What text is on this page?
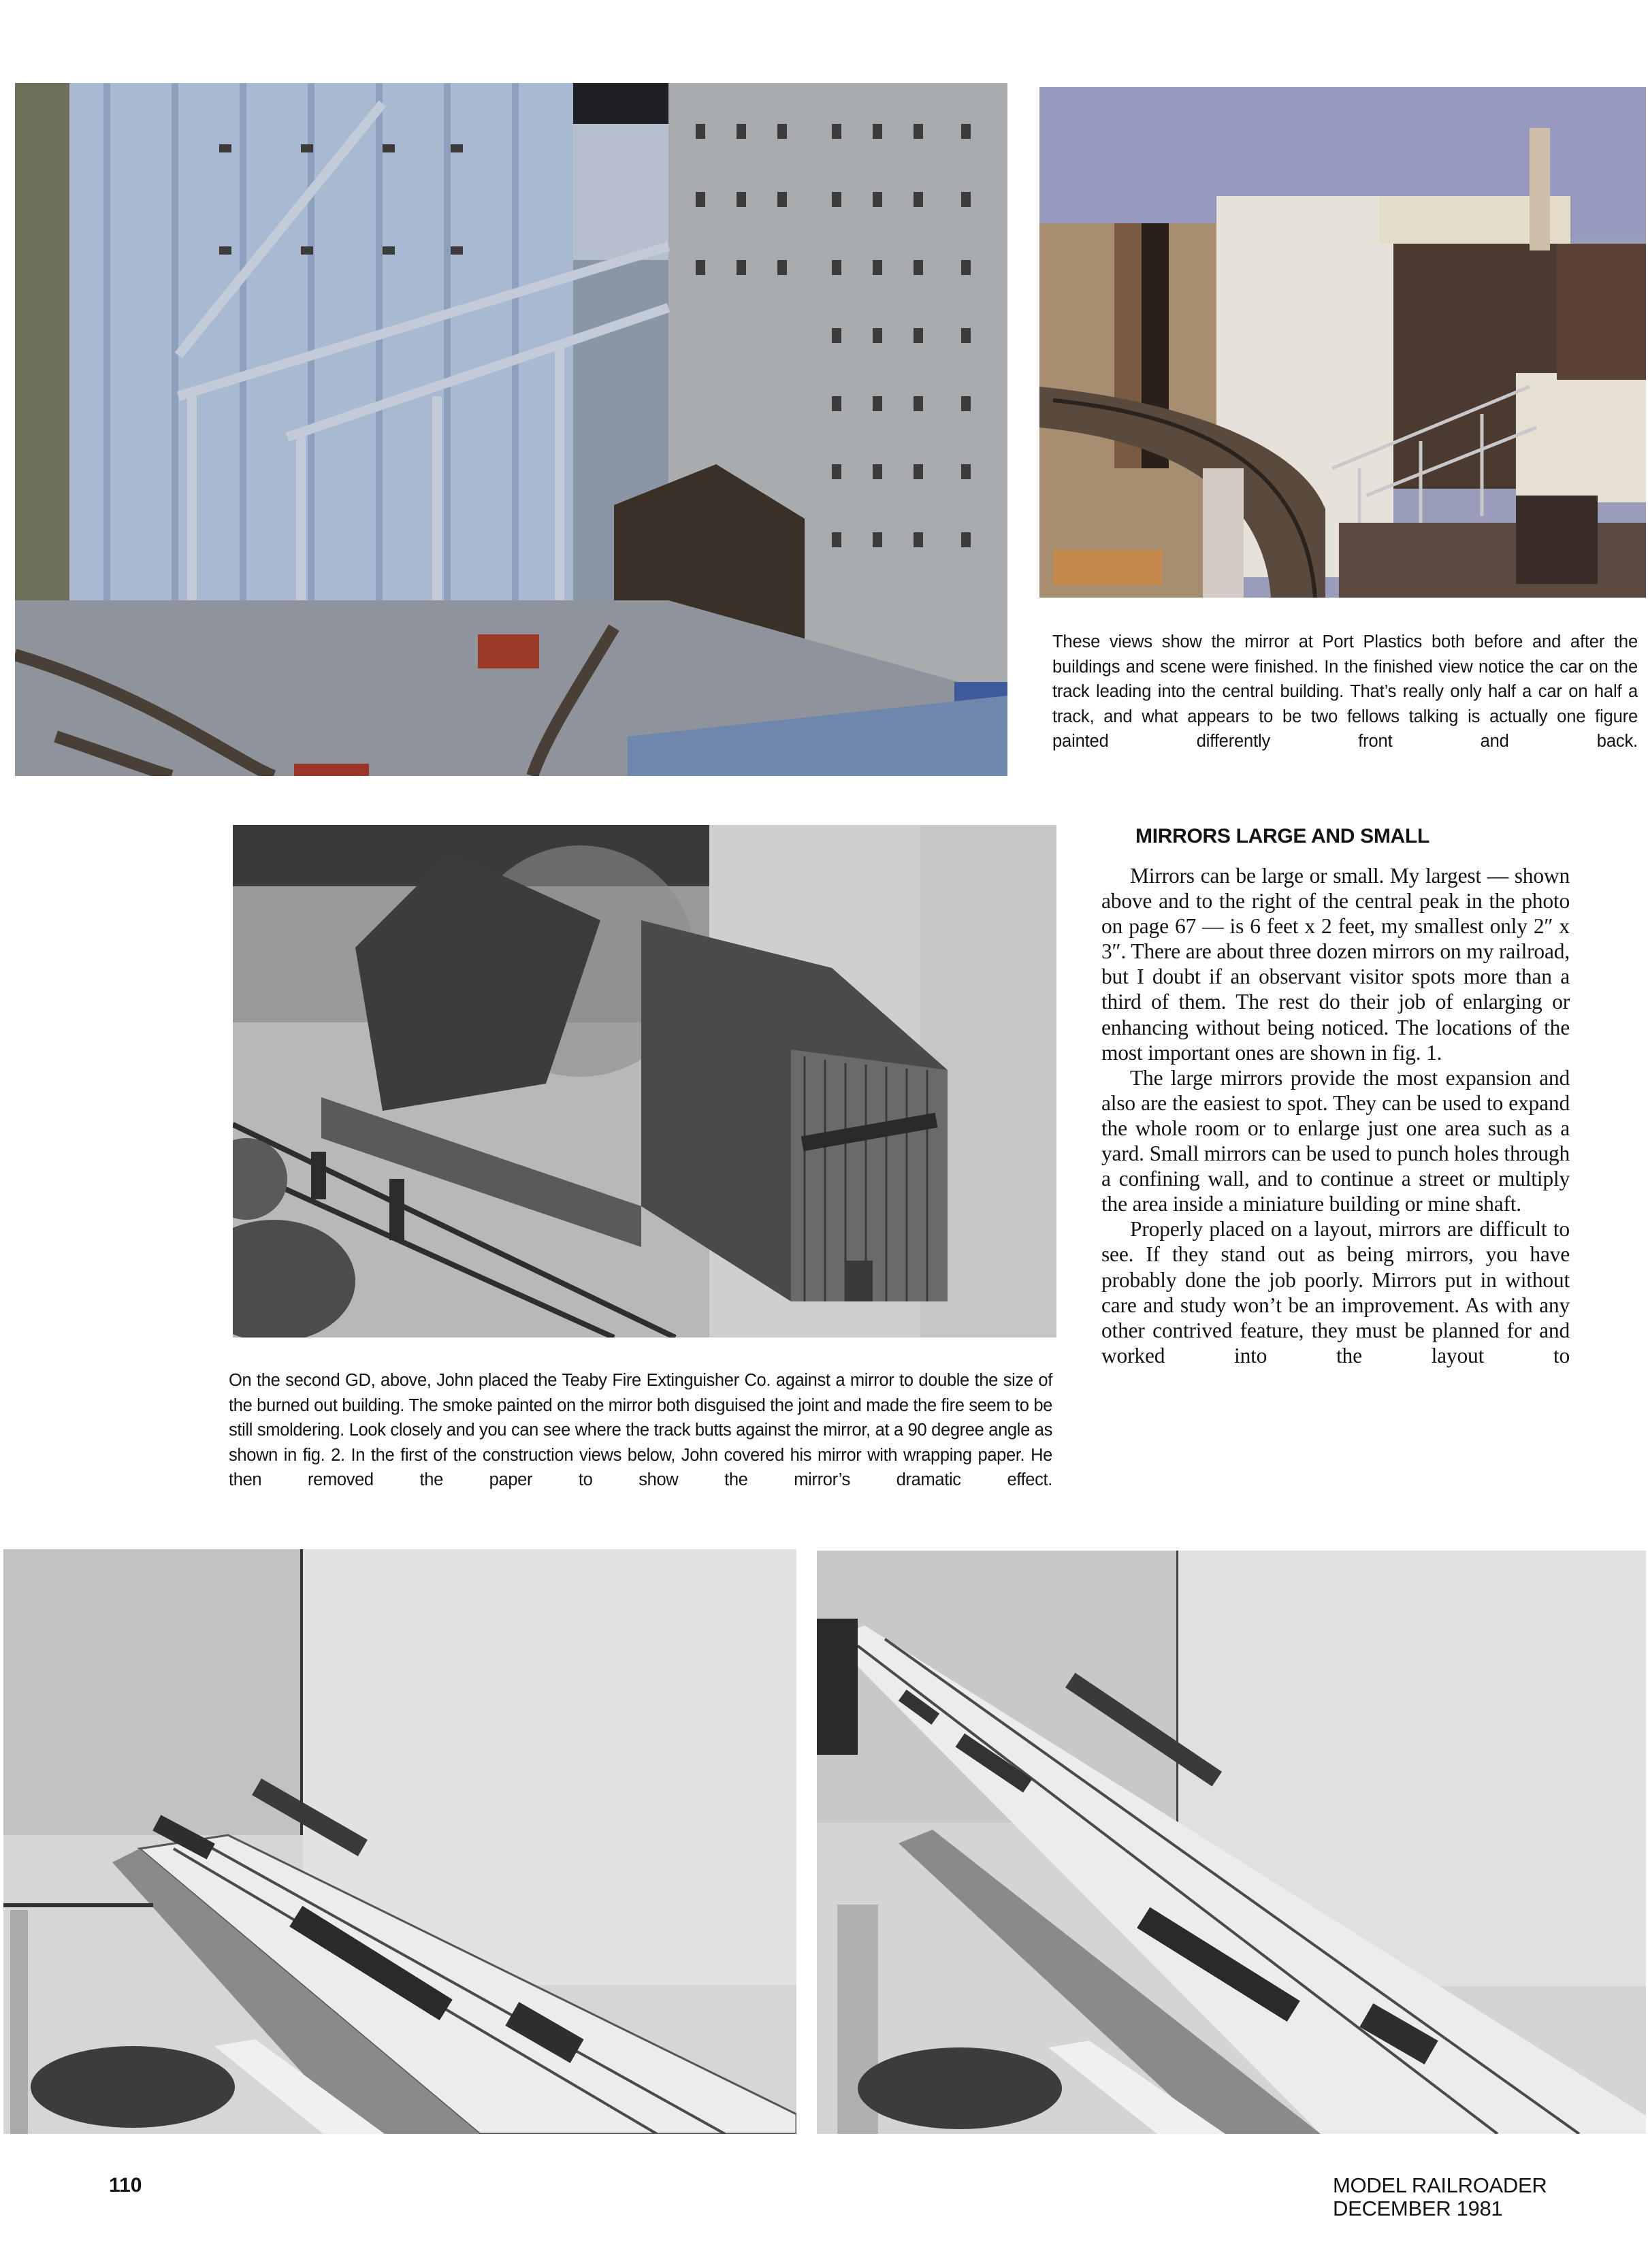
These views show the mirror at Port Plastics both before and after the buildings and scene were finished. In the finished view notice the car on the track leading into the central building. That’s really only half a car on half a track, and what appears to be two fellows talking is actually one figure painted differently front and back.

MIRRORS LARGE AND SMALL

Mirrors can be large or small. My largest — shown above and to the right of the central peak in the photo on page 67 — is 6 feet x 2 feet, my smallest only 2″ x 3″. There are about three dozen mirrors on my railroad, but I doubt if an observant visitor spots more than a third of them. The rest do their job of enlarging or enhancing without being noticed. The locations of the most important ones are shown in fig. 1.

The large mirrors provide the most expansion and also are the easiest to spot. They can be used to expand the whole room or to enlarge just one area such as a yard. Small mirrors can be used to punch holes through a confining wall, and to continue a street or multiply the area inside a miniature building or mine shaft.

Properly placed on a layout, mirrors are difficult to see. If they stand out as being mirrors, you have probably done the job poorly. Mirrors put in without care and study won’t be an improvement. As with any other contrived feature, they must be planned for and worked into the layout to

On the second GD, above, John placed the Teaby Fire Extinguisher Co. against a mirror to double the size of the burned out building. The smoke painted on the mirror both disguised the joint and made the fire seem to be still smoldering. Look closely and you can see where the track butts against the mirror, at a 90 degree angle as shown in fig. 2. In the first of the construction views below, John covered his mirror with wrapping paper. He then removed the paper to show the mirror’s dramatic effect.

110	MODEL RAILROADER
DECEMBER 1981
